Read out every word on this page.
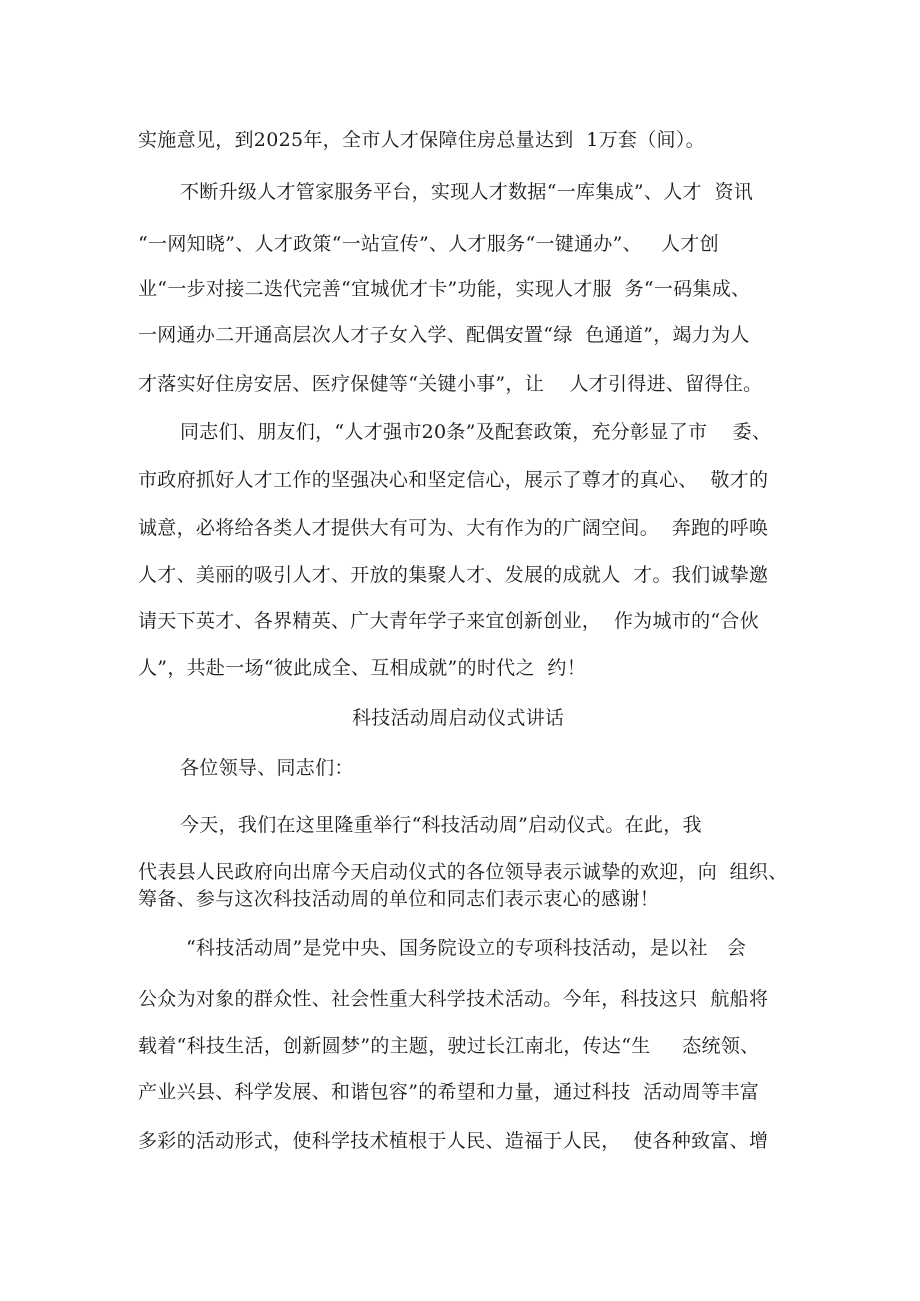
实施意见，到2025年，全市人才保障住房总量达到  1万套（间）。
不断升级人才管家服务平台，实现人才数据“一库集成”、人才  资讯
“一网知晓”、人才政策“一站宣传”、人才服务“一键通办”、   人才创
业“一步对接二迭代完善“宜城优才卡”功能，实现人才服  务“一码集成、
一网通办二开通高层次人才子女入学、配偶安置“绿  色通道”，竭力为人
才落实好住房安居、医疗保健等“关键小事”，让    人才引得进、留得住。
同志们、朋友们，“人才强市20条”及配套政策，充分彰显了市    委、
市政府抓好人才工作的坚强决心和坚定信心，展示了尊才的真心、  敬才的
诚意，必将给各类人才提供大有可为、大有作为的广阔空间。  奔跑的呼唤
人才、美丽的吸引人才、开放的集聚人才、发展的成就人  才。我们诚挚邀
请天下英才、各界精英、广大青年学子来宜创新创业，  作为城市的“合伙
人”，共赴一场“彼此成全、互相成就”的时代之  约！
科技活动周启动仪式讲话
各位领导、同志们：
今天，我们在这里隆重举行“科技活动周”启动仪式。在此，我
代表县人民政府向出席今天启动仪式的各位领导表示诚挚的欢迎，向  组织、
筹备、参与这次科技活动周的单位和同志们表示衷心的感谢！
“科技活动周”是党中央、国务院设立的专项科技活动，是以社   会
公众为对象的群众性、社会性重大科学技术活动。今年，科技这只  航船将
载着“科技生活，创新圆梦”的主题，驶过长江南北，传达“生     态统领、
产业兴县、科学发展、和谐包容”的希望和力量，通过科技  活动周等丰富
多彩的活动形式，使科学技术植根于人民、造福于人民，  使各种致富、增
